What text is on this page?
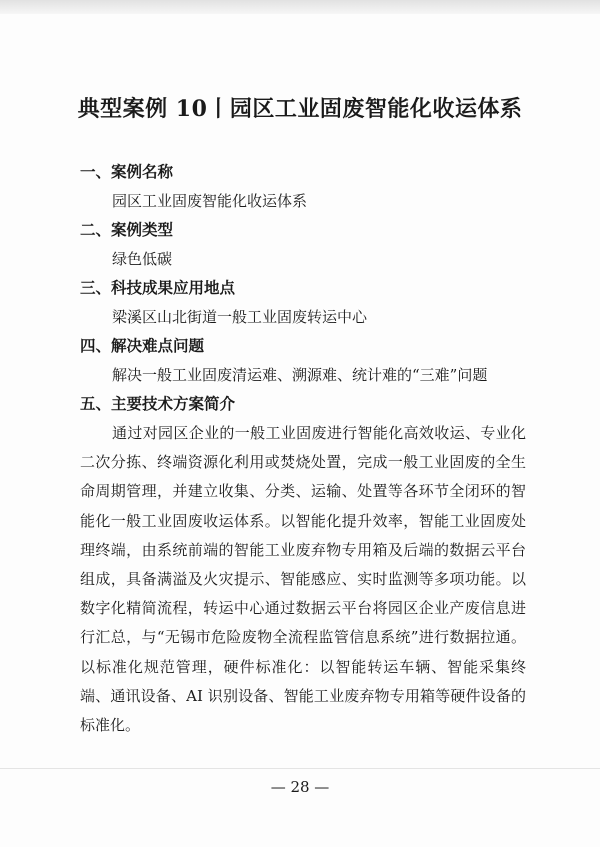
典型案例 10丨园区工业固废智能化收运体系
一、案例名称
园区工业固废智能化收运体系
二、案例类型
绿色低碳
三、科技成果应用地点
梁溪区山北街道一般工业固废转运中心
四、解决难点问题
解决一般工业固废清运难、溯源难、统计难的“三难”问题
五、主要技术方案简介

通过对园区企业的一般工业固废进行智能化高效收运、专业化二次分拣、终端资源化利用或焚烧处置，完成一般工业固废的全生命周期管理，并建立收集、分类、运输、处置等各环节全闭环的智能化一般工业固废收运体系。以智能化提升效率，智能工业固废处理终端，由系统前端的智能工业废弃物专用箱及后端的数据云平台组成，具备满溢及火灾提示、智能感应、实时监测等多项功能。以数字化精简流程，转运中心通过数据云平台将园区企业产废信息进行汇总，与“无锡市危险废物全流程监管信息系统”进行数据拉通。以标准化规范管理，硬件标准化：以智能转运车辆、智能采集终端、通讯设备、AI 识别设备、智能工业废弃物专用箱等硬件设备的标准化。

— 28 —
